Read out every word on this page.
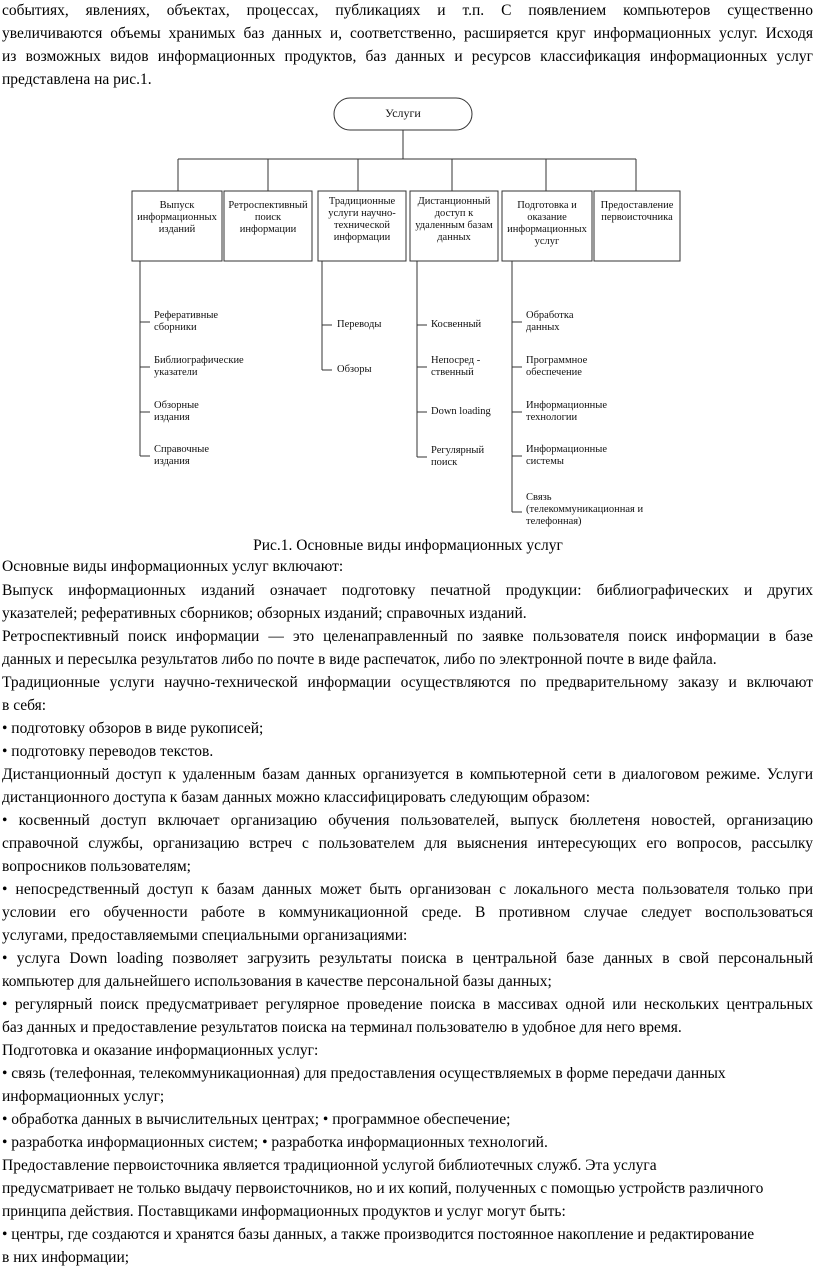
событиях, явлениях, объектах, процессах, публикациях и т.п. С появлением компьютеров существенно

увеличиваются объемы хранимых баз данных и, соответственно, расширяется круг информационных услуг. Исходя

из возможных видов информационных продуктов, баз данных и ресурсов классификация информационных услуг

представлена на рис.1.

Услуги
Выпуск информационных изданий
Ретроспективный поиск информации
Традиционные услуги научно-технической информации
Дистанционный доступ к удаленным базам данных
Подготовка и оказание информационных услуг
Предоставление первоисточника
Реферативные сборники
Библиографические указатели
Обзорные издания
Справочные издания
Переводы
Обзоры
Косвенный
Непосред - ственный
Down loading
Регулярный поиск
Обработка данных
Программное обеспечение
Информационные технологии
Информационные системы
Связь (телекоммуникационная и телефонная)
Рис.1. Основные виды информационных услуг

Основные виды информационных услуг включают:

Выпуск информационных изданий означает подготовку печатной продукции: библиографических и других

указателей; реферативных сборников; обзорных изданий; справочных изданий.

Ретроспективный поиск информации — это целенаправленный по заявке пользователя поиск информации в базе

данных и пересылка результатов либо по почте в виде распечаток, либо по электронной почте в виде файла.

Традиционные услуги научно-технической информации осуществляются по предварительному заказу и включают

в себя:

• подготовку обзоров в виде рукописей;

• подготовку переводов текстов.

Дистанционный доступ к удаленным базам данных организуется в компьютерной сети в диалоговом режиме. Услуги

дистанционного доступа к базам данных можно классифицировать следующим образом:

• косвенный доступ включает организацию обучения пользователей, выпуск бюллетеня новостей, организацию

справочной службы, организацию встреч с пользователем для выяснения интересующих его вопросов, рассылку

вопросников пользователям;

• непосредственный доступ к базам данных может быть организован с локального места пользователя только при

условии его обученности работе в коммуникационной среде. В противном случае следует воспользоваться

услугами, предоставляемыми специальными организациями:

• услуга Down loading позволяет загрузить результаты поиска в центральной базе данных в свой персональный

компьютер для дальнейшего использования в качестве персональной базы данных;

• регулярный поиск предусматривает регулярное проведение поиска в массивах одной или нескольких центральных

баз данных и предоставление результатов поиска на терминал пользователю в удобное для него время.

Подготовка и оказание информационных услуг:

• связь (телефонная, телекоммуникационная) для предоставления осуществляемых в форме передачи данных

информационных услуг;

• обработка данных в вычислительных центрах; • программное обеспечение;

• разработка информационных систем; • разработка информационных технологий.

Предоставление первоисточника является традиционной услугой библиотечных служб. Эта услуга

предусматривает не только выдачу первоисточников, но и их копий, полученных с помощью устройств различного

принципа действия. Поставщиками информационных продуктов и услуг могут быть:

• центры, где создаются и хранятся базы данных, а также производится постоянное накопление и редактирование

в них информации;
